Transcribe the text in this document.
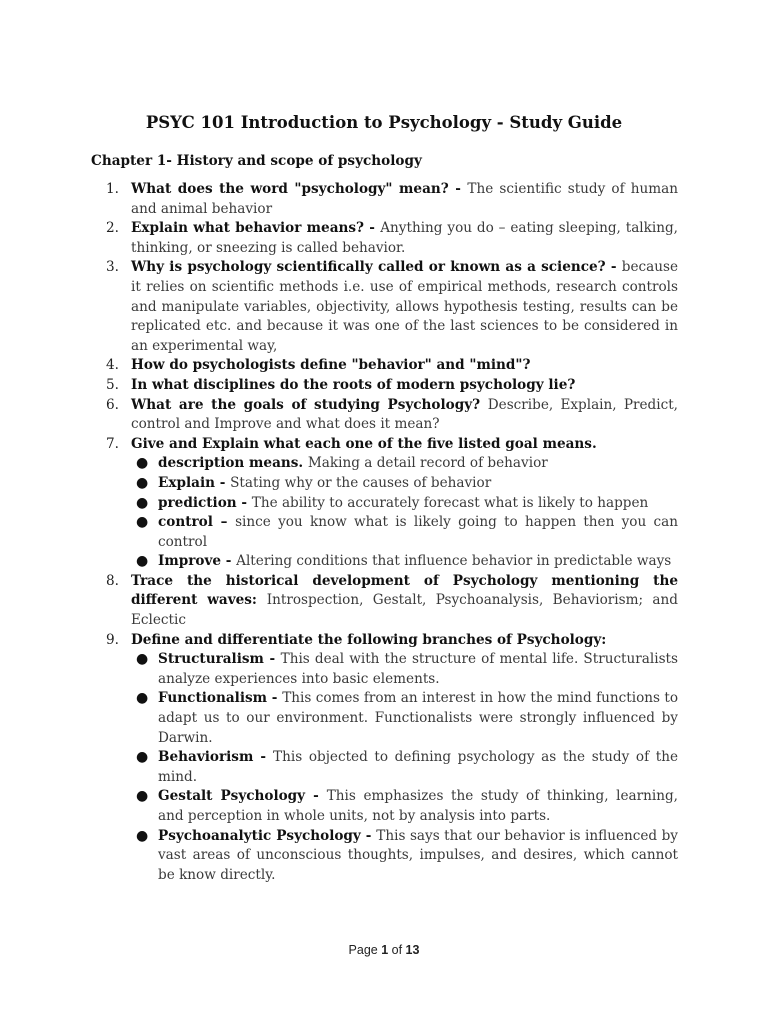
PSYC 101 Introduction to Psychology - Study Guide
Chapter 1- History and scope of psychology
1. What does the word "psychology" mean? - The scientific study of human and animal behavior
2. Explain what behavior means? - Anything you do – eating sleeping, talking, thinking, or sneezing is called behavior.
3. Why is psychology scientifically called or known as a science? - because it relies on scientific methods i.e. use of empirical methods, research controls and manipulate variables, objectivity, allows hypothesis testing, results can be replicated etc. and because it was one of the last sciences to be considered in an experimental way,
4. How do psychologists define "behavior" and "mind"?
5. In what disciplines do the roots of modern psychology lie?
6. What are the goals of studying Psychology? Describe, Explain, Predict, control and Improve and what does it mean?
7. Give and Explain what each one of the five listed goal means.
● description means. Making a detail record of behavior
● Explain - Stating why or the causes of behavior
● prediction - The ability to accurately forecast what is likely to happen
● control – since you know what is likely going to happen then you can control
● Improve - Altering conditions that influence behavior in predictable ways
8. Trace the historical development of Psychology mentioning the different waves: Introspection, Gestalt, Psychoanalysis, Behaviorism; and Eclectic
9. Define and differentiate the following branches of Psychology:
● Structuralism - This deal with the structure of mental life. Structuralists analyze experiences into basic elements.
● Functionalism - This comes from an interest in how the mind functions to adapt us to our environment. Functionalists were strongly influenced by Darwin.
● Behaviorism - This objected to defining psychology as the study of the mind.
● Gestalt Psychology - This emphasizes the study of thinking, learning, and perception in whole units, not by analysis into parts.
● Psychoanalytic Psychology - This says that our behavior is influenced by vast areas of unconscious thoughts, impulses, and desires, which cannot be know directly.
Page 1 of 13
